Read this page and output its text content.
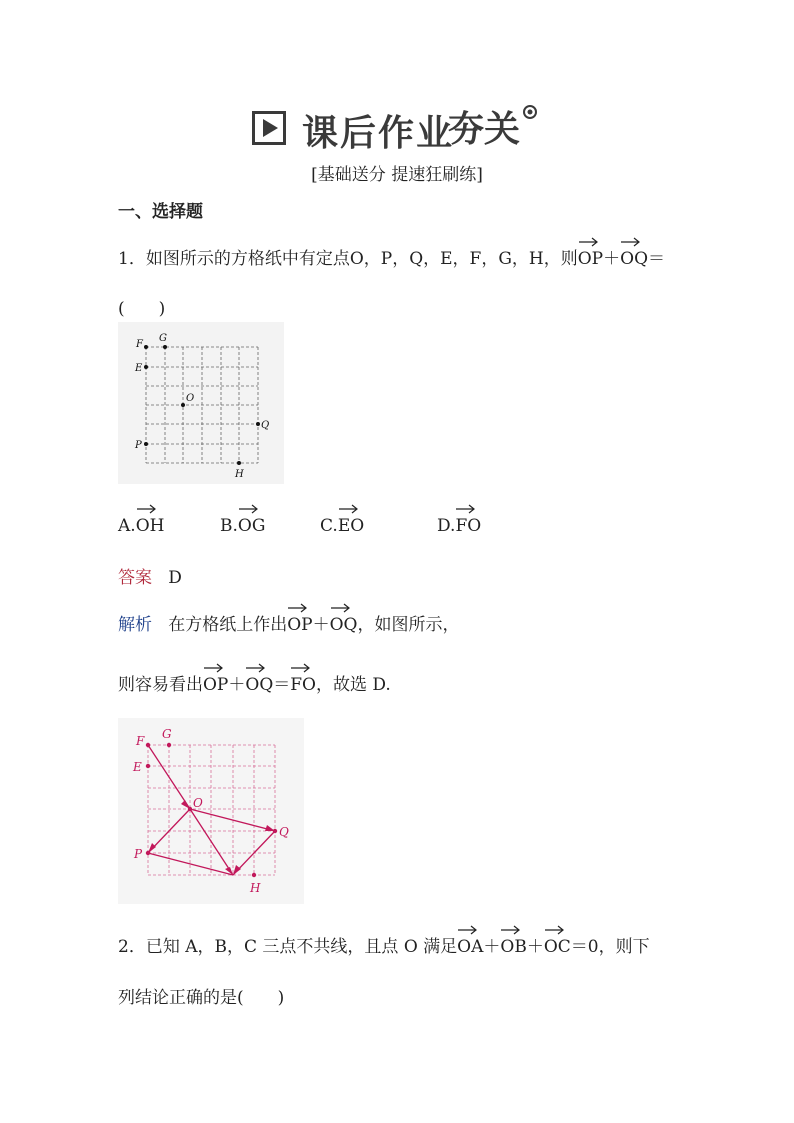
课后作业
夯关
[基础送分 提速狂刷练]
一、选择题
1．如图所示的方格纸中有定点O，P，Q，E，F，G，H，则
OP＋
OQ＝
(　　)
F
G
E
O
Q
P
H
A.
OH	B.
OG	C.
EO	D.
FO
答案 D
解析 在方格纸上作出
OP＋
OQ，如图所示，
则容易看出
OP＋
OQ＝
FO，故选 D.
F G
E
O
Q
P
H
2．已知 A，B，C 三点不共线，且点 O 满足
OA＋
OB＋
OC＝0，则下
列结论正确的是(　　)
